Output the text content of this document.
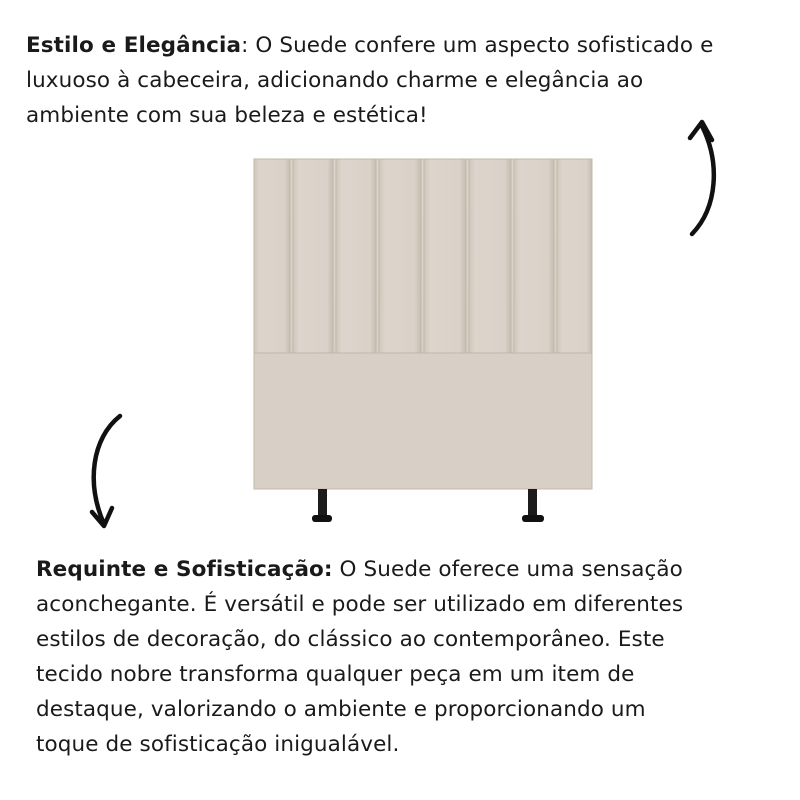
Estilo e Elegância: O Suede confere um aspecto sofisticado e
luxuoso à cabeceira, adicionando charme e elegância ao
ambiente com sua beleza e estética!
Requinte e Sofisticação: O Suede oferece uma sensação
aconchegante. É versátil e pode ser utilizado em diferentes
estilos de decoração, do clássico ao contemporâneo. Este
tecido nobre transforma qualquer peça em um item de
destaque, valorizando o ambiente e proporcionando um
toque de sofisticação inigualável.
